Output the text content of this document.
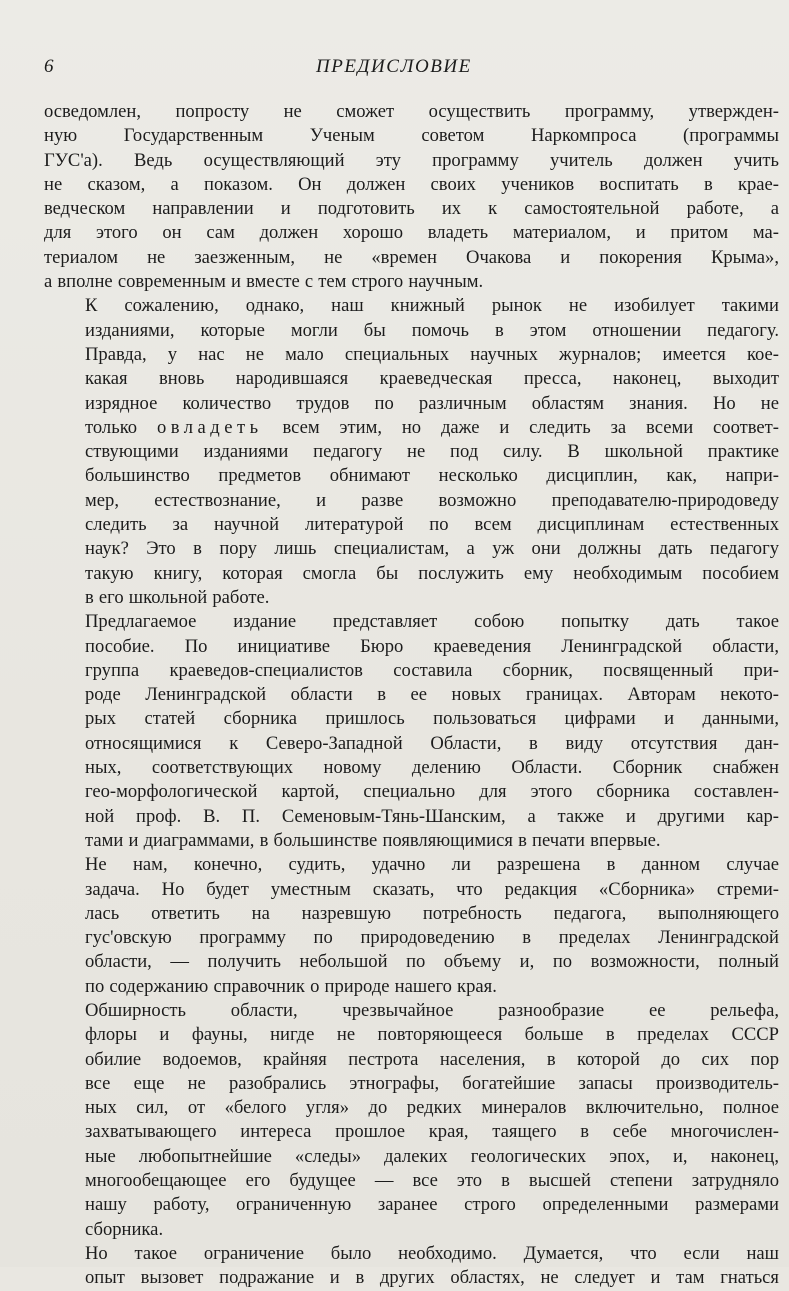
6	ПРЕДИСЛОВИЕ
осведомлен, попросту не сможет осуществить программу, утвержден-
ную Государственным Ученым советом Наркомпроса (программы
ГУС'а). Ведь осуществляющий эту программу учитель должен учить
не сказом, а показом. Он должен своих учеников воспитать в крае-
ведческом направлении и подготовить их к самостоятельной работе, а
для этого он сам должен хорошо владеть материалом, и притом ма-
териалом не заезженным, не «времен Очакова и покорения Крыма»,
а вполне современным и вместе с тем строго научным.
К сожалению, однако, наш книжный рынок не изобилует такими
изданиями, которые могли бы помочь в этом отношении педагогу.
Правда, у нас не мало специальных научных журналов; имеется кое-
какая вновь народившаяся краеведческая пресса, наконец, выходит
изрядное количество трудов по различным областям знания. Но не
только овладеть всем этим, но даже и следить за всеми соответ-
ствующими изданиями педагогу не под силу. В школьной практике
большинство предметов обнимают несколько дисциплин, как, напри-
мер, естествознание, и разве возможно преподавателю-природоведу
следить за научной литературой по всем дисциплинам естественных
наук? Это в пору лишь специалистам, а уж они должны дать педагогу
такую книгу, которая смогла бы послужить ему необходимым пособием
в его школьной работе.
Предлагаемое издание представляет собою попытку дать такое
пособие. По инициативе Бюро краеведения Ленинградской области,
группа краеведов-специалистов составила сборник, посвященный при-
роде Ленинградской области в ее новых границах. Авторам некото-
рых статей сборника пришлось пользоваться цифрами и данными,
относящимися к Северо-Западной Области, в виду отсутствия дан-
ных, соответствующих новому делению Области. Сборник снабжен
гео-морфологической картой, специально для этого сборника составлен-
ной проф. В. П. Семеновым-Тянь-Шанским, а также и другими кар-
тами и диаграммами, в большинстве появляющимися в печати впервые.
Не нам, конечно, судить, удачно ли разрешена в данном случае
задача. Но будет уместным сказать, что редакция «Сборника» стреми-
лась ответить на назревшую потребность педагога, выполняющего
гус'овскую программу по природоведению в пределах Ленинградской
области, — получить небольшой по объему и, по возможности, полный
по содержанию справочник о природе нашего края.
Обширность области, чрезвычайное разнообразие ее рельефа,
флоры и фауны, нигде не повторяющееся больше в пределах СССР
обилие водоемов, крайняя пестрота населения, в которой до сих пор
все еще не разобрались этнографы, богатейшие запасы производитель-
ных сил, от «белого угля» до редких минералов включительно, полное
захватывающего интереса прошлое края, таящего в себе многочислен-
ные любопытнейшие «следы» далеких геологических эпох, и, наконец,
многообещающее его будущее — все это в высшей степени затрудняло
нашу работу, ограниченную заранее строго определенными размерами
сборника.
Но такое ограничение было необходимо. Думается, что если наш
опыт вызовет подражание и в других областях, не следует и там гнаться
